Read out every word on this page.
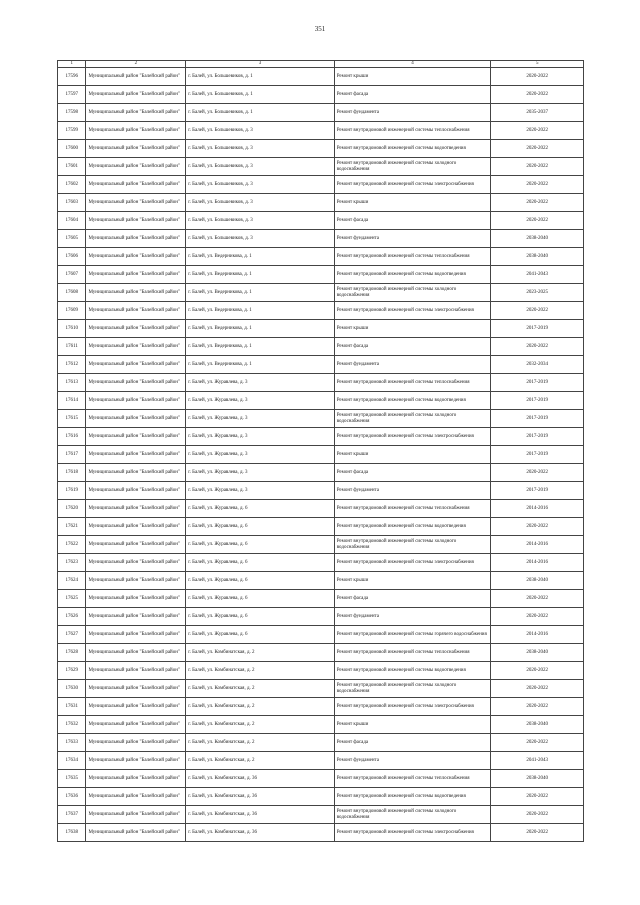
351
1	2	3	4	5
17596	Муниципальный район "Балейский район"	г. Балей, ул. Большевиков, д. 1	Ремонт крыши	2020-2022
17597	Муниципальный район "Балейский район"	г. Балей, ул. Большевиков, д. 1	Ремонт фасада	2020-2022
17598	Муниципальный район "Балейский район"	г. Балей, ул. Большевиков, д. 1	Ремонт фундамента	2035-2037
17599	Муниципальный район "Балейский район"	г. Балей, ул. Большевиков, д. 3	Ремонт внутридомовой инженерной системы теплоснабжения	2020-2022
17600	Муниципальный район "Балейский район"	г. Балей, ул. Большевиков, д. 3	Ремонт внутридомовой инженерной системы водоотведения	2020-2022
17601	Муниципальный район "Балейский район"	г. Балей, ул. Большевиков, д. 3	Ремонт внутридомовой инженерной системы холодного водоснабжения	2020-2022
17602	Муниципальный район "Балейский район"	г. Балей, ул. Большевиков, д. 3	Ремонт внутридомовой инженерной системы электроснабжения	2020-2022
17603	Муниципальный район "Балейский район"	г. Балей, ул. Большевиков, д. 3	Ремонт крыши	2020-2022
17604	Муниципальный район "Балейский район"	г. Балей, ул. Большевиков, д. 3	Ремонт фасада	2020-2022
17605	Муниципальный район "Балейский район"	г. Балей, ул. Большевиков, д. 3	Ремонт фундамента	2038-2040
17606	Муниципальный район "Балейский район"	г. Балей, ул. Ведерникова, д. 1	Ремонт внутридомовой инженерной системы теплоснабжения	2038-2040
17607	Муниципальный район "Балейский район"	г. Балей, ул. Ведерникова, д. 1	Ремонт внутридомовой инженерной системы водоотведения	2041-2043
17608	Муниципальный район "Балейский район"	г. Балей, ул. Ведерникова, д. 1	Ремонт внутридомовой инженерной системы холодного водоснабжения	2023-2025
17609	Муниципальный район "Балейский район"	г. Балей, ул. Ведерникова, д. 1	Ремонт внутридомовой инженерной системы электроснабжения	2020-2022
17610	Муниципальный район "Балейский район"	г. Балей, ул. Ведерникова, д. 1	Ремонт крыши	2017-2019
17611	Муниципальный район "Балейский район"	г. Балей, ул. Ведерникова, д. 1	Ремонт фасада	2020-2022
17612	Муниципальный район "Балейский район"	г. Балей, ул. Ведерникова, д. 1	Ремонт фундамента	2032-2034
17613	Муниципальный район "Балейский район"	г. Балей, ул. Журавлева, д. 3	Ремонт внутридомовой инженерной системы теплоснабжения	2017-2019
17614	Муниципальный район "Балейский район"	г. Балей, ул. Журавлева, д. 3	Ремонт внутридомовой инженерной системы водоотведения	2017-2019
17615	Муниципальный район "Балейский район"	г. Балей, ул. Журавлева, д. 3	Ремонт внутридомовой инженерной системы холодного водоснабжения	2017-2019
17616	Муниципальный район "Балейский район"	г. Балей, ул. Журавлева, д. 3	Ремонт внутридомовой инженерной системы электроснабжения	2017-2019
17617	Муниципальный район "Балейский район"	г. Балей, ул. Журавлева, д. 3	Ремонт крыши	2017-2019
17618	Муниципальный район "Балейский район"	г. Балей, ул. Журавлева, д. 3	Ремонт фасада	2020-2022
17619	Муниципальный район "Балейский район"	г. Балей, ул. Журавлева, д. 3	Ремонт фундамента	2017-2019
17620	Муниципальный район "Балейский район"	г. Балей, ул. Журавлева, д. 6	Ремонт внутридомовой инженерной системы теплоснабжения	2014-2016
17621	Муниципальный район "Балейский район"	г. Балей, ул. Журавлева, д. 6	Ремонт внутридомовой инженерной системы водоотведения	2020-2022
17622	Муниципальный район "Балейский район"	г. Балей, ул. Журавлева, д. 6	Ремонт внутридомовой инженерной системы холодного водоснабжения	2014-2016
17623	Муниципальный район "Балейский район"	г. Балей, ул. Журавлева, д. 6	Ремонт внутридомовой инженерной системы электроснабжения	2014-2016
17624	Муниципальный район "Балейский район"	г. Балей, ул. Журавлева, д. 6	Ремонт крыши	2038-2040
17625	Муниципальный район "Балейский район"	г. Балей, ул. Журавлева, д. 6	Ремонт фасада	2020-2022
17626	Муниципальный район "Балейский район"	г. Балей, ул. Журавлева, д. 6	Ремонт фундамента	2020-2022
17627	Муниципальный район "Балейский район"	г. Балей, ул. Журавлева, д. 6	Ремонт внутридомовой инженерной системы горячего водоснабжения	2014-2016
17628	Муниципальный район "Балейский район"	г. Балей, ул. Комбинатская, д. 2	Ремонт внутридомовой инженерной системы теплоснабжения	2038-2040
17629	Муниципальный район "Балейский район"	г. Балей, ул. Комбинатская, д. 2	Ремонт внутридомовой инженерной системы водоотведения	2020-2022
17630	Муниципальный район "Балейский район"	г. Балей, ул. Комбинатская, д. 2	Ремонт внутридомовой инженерной системы холодного водоснабжения	2020-2022
17631	Муниципальный район "Балейский район"	г. Балей, ул. Комбинатская, д. 2	Ремонт внутридомовой инженерной системы электроснабжения	2020-2022
17632	Муниципальный район "Балейский район"	г. Балей, ул. Комбинатская, д. 2	Ремонт крыши	2038-2040
17633	Муниципальный район "Балейский район"	г. Балей, ул. Комбинатская, д. 2	Ремонт фасада	2020-2022
17634	Муниципальный район "Балейский район"	г. Балей, ул. Комбинатская, д. 2	Ремонт фундамента	2041-2043
17635	Муниципальный район "Балейский район"	г. Балей, ул. Комбинатская, д. 36	Ремонт внутридомовой инженерной системы теплоснабжения	2038-2040
17636	Муниципальный район "Балейский район"	г. Балей, ул. Комбинатская, д. 36	Ремонт внутридомовой инженерной системы водоотведения	2020-2022
17637	Муниципальный район "Балейский район"	г. Балей, ул. Комбинатская, д. 36	Ремонт внутридомовой инженерной системы холодного водоснабжения	2020-2022
17638	Муниципальный район "Балейский район"	г. Балей, ул. Комбинатская, д. 36	Ремонт внутридомовой инженерной системы электроснабжения	2020-2022
